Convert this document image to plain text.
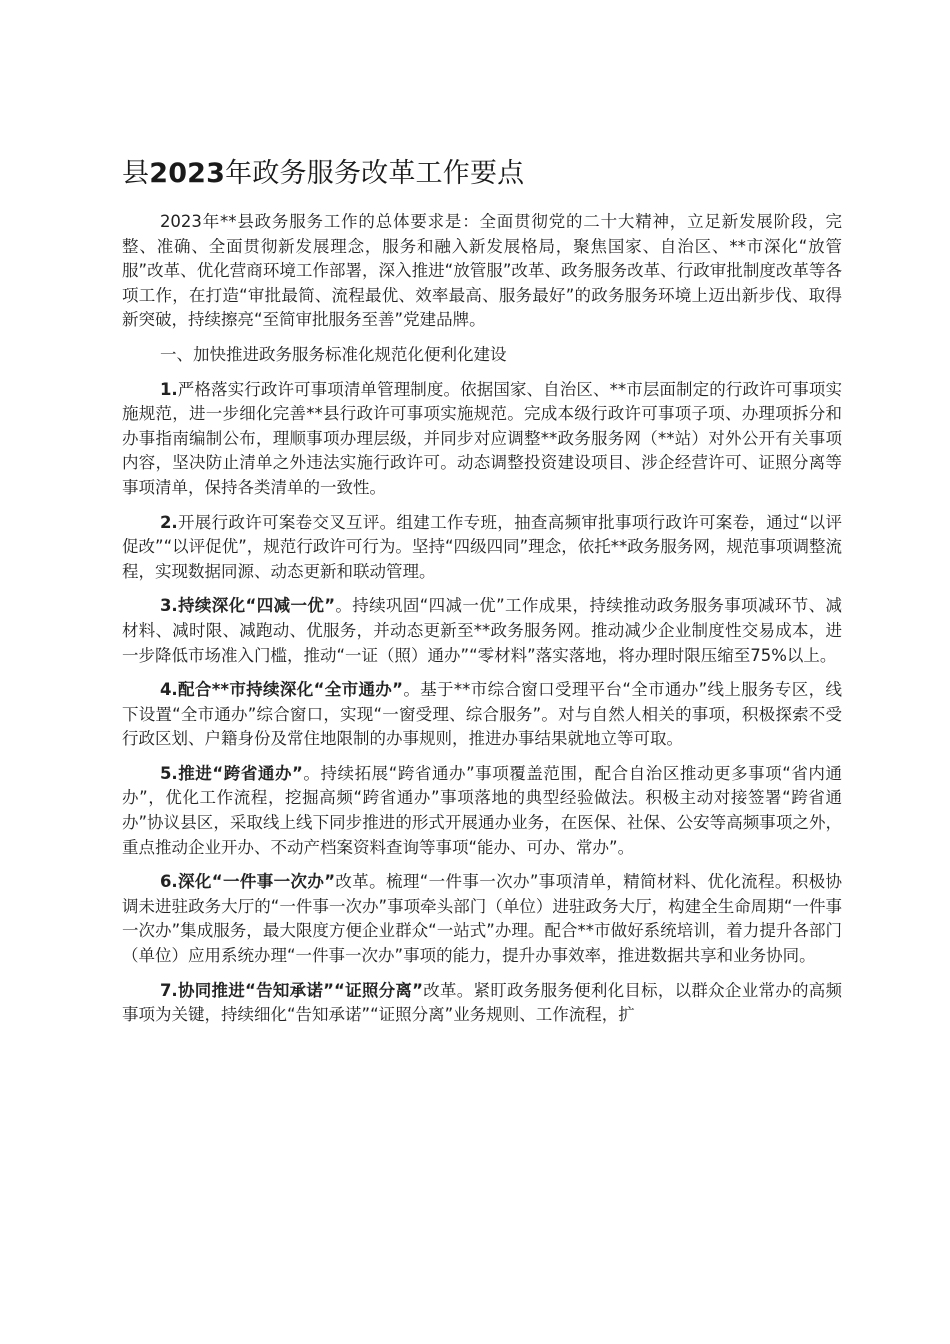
县2023年政务服务改革工作要点

2023年**县政务服务工作的总体要求是：全面贯彻党的二十大精神，立足新发展阶段，完整、准确、全面贯彻新发展理念，服务和融入新发展格局，聚焦国家、自治区、**市深化“放管服”改革、优化营商环境工作部署，深入推进“放管服”改革、政务服务改革、行政审批制度改革等各项工作，在打造“审批最简、流程最优、效率最高、服务最好”的政务服务环境上迈出新步伐、取得新突破，持续擦亮“至简审批服务至善”党建品牌。

一、加快推进政务服务标准化规范化便利化建设

1.严格落实行政许可事项清单管理制度。依据国家、自治区、**市层面制定的行政许可事项实施规范，进一步细化完善**县行政许可事项实施规范。完成本级行政许可事项子项、办理项拆分和办事指南编制公布，理顺事项办理层级，并同步对应调整**政务服务网（**站）对外公开有关事项内容，坚决防止清单之外违法实施行政许可。动态调整投资建设项目、涉企经营许可、证照分离等事项清单，保持各类清单的一致性。

2.开展行政许可案卷交叉互评。组建工作专班，抽查高频审批事项行政许可案卷，通过“以评促改”“以评促优”，规范行政许可行为。坚持“四级四同”理念，依托**政务服务网，规范事项调整流程，实现数据同源、动态更新和联动管理。

3.持续深化“四减一优”。持续巩固“四减一优”工作成果，持续推动政务服务事项减环节、减材料、减时限、减跑动、优服务，并动态更新至**政务服务网。推动减少企业制度性交易成本，进一步降低市场准入门槛，推动“一证（照）通办”“零材料”落实落地，将办理时限压缩至75%以上。

4.配合**市持续深化“全市通办”。基于**市综合窗口受理平台“全市通办”线上服务专区，线下设置“全市通办”综合窗口，实现“一窗受理、综合服务”。对与自然人相关的事项，积极探索不受行政区划、户籍身份及常住地限制的办事规则，推进办事结果就地立等可取。

5.推进“跨省通办”。持续拓展“跨省通办”事项覆盖范围，配合自治区推动更多事项“省内通办”，优化工作流程，挖掘高频“跨省通办”事项落地的典型经验做法。积极主动对接签署“跨省通办”协议县区，采取线上线下同步推进的形式开展通办业务，在医保、社保、公安等高频事项之外，重点推动企业开办、不动产档案资料查询等事项“能办、可办、常办”。

6.深化“一件事一次办”改革。梳理“一件事一次办”事项清单，精简材料、优化流程。积极协调未进驻政务大厅的“一件事一次办”事项牵头部门（单位）进驻政务大厅，构建全生命周期“一件事一次办”集成服务，最大限度方便企业群众“一站式”办理。配合**市做好系统培训，着力提升各部门（单位）应用系统办理“一件事一次办”事项的能力，提升办事效率，推进数据共享和业务协同。

7.协同推进“告知承诺”“证照分离”改革。紧盯政务服务便利化目标，以群众企业常办的高频事项为关键，持续细化“告知承诺”“证照分离”业务规则、工作流程，扩
